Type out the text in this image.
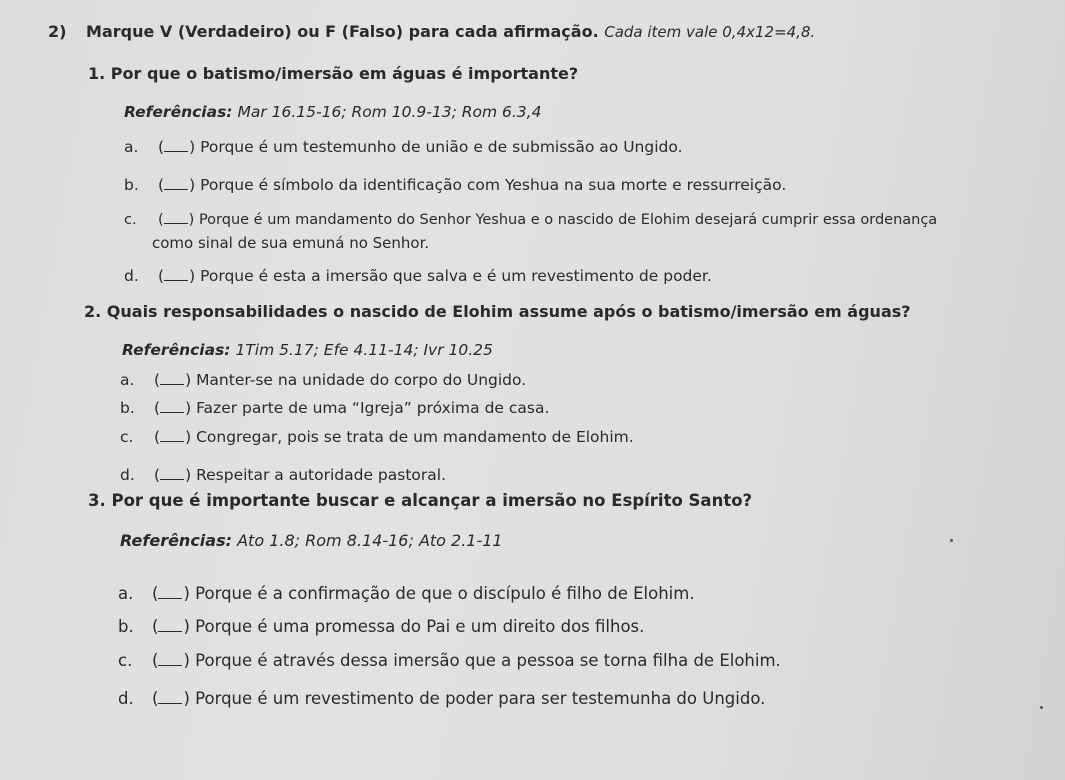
2) Marque V (Verdadeiro) ou F (Falso) para cada afirmação. Cada item vale 0,4x12=4,8.
1. Por que o batismo/imersão em águas é importante?
Referências: Mar 16.15-16; Rom 10.9-13; Rom 6.3,4
a. ( ) Porque é um testemunho de união e de submissão ao Ungido.
b. ( ) Porque é símbolo da identificação com Yeshua na sua morte e ressurreição.
c. ( ) Porque é um mandamento do Senhor Yeshua e o nascido de Elohim desejará cumprir essa ordenança
como sinal de sua emuná no Senhor.
d. ( ) Porque é esta a imersão que salva e é um revestimento de poder.
2. Quais responsabilidades o nascido de Elohim assume após o batismo/imersão em águas?
Referências: 1Tim 5.17; Efe 4.11-14; Ivr 10.25
a. ( ) Manter-se na unidade do corpo do Ungido.
b. ( ) Fazer parte de uma “Igreja” próxima de casa.
c. ( ) Congregar, pois se trata de um mandamento de Elohim.
d. ( ) Respeitar a autoridade pastoral.
3. Por que é importante buscar e alcançar a imersão no Espírito Santo?
Referências: Ato 1.8; Rom 8.14-16; Ato 2.1-11
a. ( ) Porque é a confirmação de que o discípulo é filho de Elohim.
b. ( ) Porque é uma promessa do Pai e um direito dos filhos.
c. ( ) Porque é através dessa imersão que a pessoa se torna filha de Elohim.
d. ( ) Porque é um revestimento de poder para ser testemunha do Ungido.
